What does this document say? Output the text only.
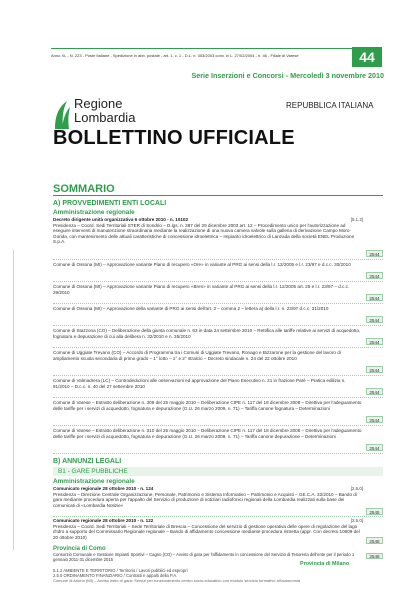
Anno XL - N. 223 - Poste Italiane - Spedizione in abb. postale - art. 1, c. 1 - D.L. n. 353/2003 conv. in L. 27/02/2004 - n. 46 - Filiale di Varese	44
Serie Inserzioni e Concorsi - Mercoledì 3 novembre 2010
Regione
Lombardia
REPUBBLICA ITALIANA
BOLLETTINO UFFICIALE
SOMMARIO
A) PROVVEDIMENTI ENTI LOCALI
Amministrazione regionale
[5.1.2]
Decreto dirigente unità organizzativa 6 ottobre 2010 - n. 10102
Presidenza – Coord. Sedi Territoriali STER di Sondrio – D.lgs. n. 387 del 29 dicembre 2003 art. 12 – Procedimento unico per l'autorizzazione ad eseguire interventi di manutenzione straordinaria mediante la realizzazione di una nuova camera valvole sulla galleria di derivazione Campo Moro-Gorida, con mantenimento delle attuali caratteristiche di concessione idroelettrica – Impianto idroelettrico di Lanzada della società ENEL Produzione S.p.A.
2544
Comune di Ossona (MI) – Approvazione variante Piano di recupero «Ore» in variante al PRG ai sensi della l.r. 12/2005 e l.r. 23/97 e d.c.c. 30/2010
2544
Comune di Ossona (MI) – Approvazione variante Piano di recupero «Bren» in variante al PRG ai sensi della l.r. 12/2005 art. 25 e l.r. 23/97 – d.c.c. 29/2010
2544
Comune di Ossona (MI) – Approvazione della variante di PRG ai sensi dell'art. 2 – comma 2 – lettera a) della l.r. n. 23/97 d.c.c. 31/2010
2544
Comune di Stazzona (CO) – Deliberazione della giunta comunale n. 63 in data 24 settembre 2010 – Rettifica alle tariffe relative ai servizi di acquedotto, fognatura e depurazione di cui alla delibera n. 32/2010 e n. 35/2010
2544
Comune di Uggiate Trevano (CO) – Accordo di Programma tra i Comuni di Uggiate Trevano, Ronago e Bizzarone per la gestione del lavoro di ampliamento scuola secondaria di primo grado – 1° lotto – 1° e 2° stralcio – Decreto sindacale n. 24 del 22 ottobre 2010
2544
Comune di Valmadrera (LC) – Controdeduzioni alle osservazioni ed approvazione del Piano Esecutivo n. 21 in frazione Parè – Pratica edilizia n. 91/2010 – D.c.c. n. 40 del 27 settembre 2010
2544
Comune di Varese – Estratto deliberazione n. 309 del 25 maggio 2010 – Deliberazione CIPE n. 117 del 18 dicembre 2008 – Direttiva per l'adeguamento delle tariffe per i servizi di acquedotto, fognatura e depurazione (G.U. 26 marzo 2009, n. 71) – Tariffa canone fognatura – Determinazioni
2544
Comune di Varese – Estratto deliberazione n. 310 del 25 maggio 2010 – Deliberazione CIPE n. 117 del 18 dicembre 2008 – Direttiva per l'adeguamento delle tariffe per i servizi di acquedotto, fognatura e depurazione (G.U. 26 marzo 2009, n. 71) – Tariffa canone depurazione – Determinazioni
2544
B) ANNUNZI LEGALI
B1 - GARE PUBBLICHE
Amministrazione regionale
[2.5.0]
Comunicato regionale 28 ottobre 2010 - n. 124
Presidenza – Direzione Centrale Organizzazione, Personale, Patrimonio e Sistema Informativo – Patrimonio e Acquisti – GE.C.A. 32/2010 – Bando di gara mediante procedura aperta per l'appalto del Servizio di produzione di notiziari radiofonici regionali della Lombardia realizzati sulla base dei comunicati di «Lombardia Notizie»
2545
[2.5.0]
Comunicato regionale 28 ottobre 2010 - n. 122
Presidenza – Coord. Sedi Territoriali – Sede Territoriale di Brescia – Concessione del servizio di gestione operativa delle opere di regolazione del lago d'Idro a supporto del Commissario Regionale regionale – Bando di affidamento concessione mediante procedura ristretta (appr. Con decreto 10609 del 20 ottobre 2010)
2548
Provincia di Como
Consorzio Comunale e Gestione Impianti Sportivi – Cagno (CO) – Avviso di gara per l'affidamento in concessione del Servizio di Tesoreria dell'ente per il periodo 1 gennaio 2011-31 dicembre 2015
2548
Provincia di Milano
5.1.2 AMBIENTE E TERRITORIO / Territorio / Lavori pubblici ed espropri
2.5.0 ORDINAMENTO FINANZIARIO / Contratti e appalti della P.A.
Comune di Arluno (MI) – Avviso esito di gara: Servizi per funzionamento centro socio-educativo con modulo servizio formativo all'autonomia
